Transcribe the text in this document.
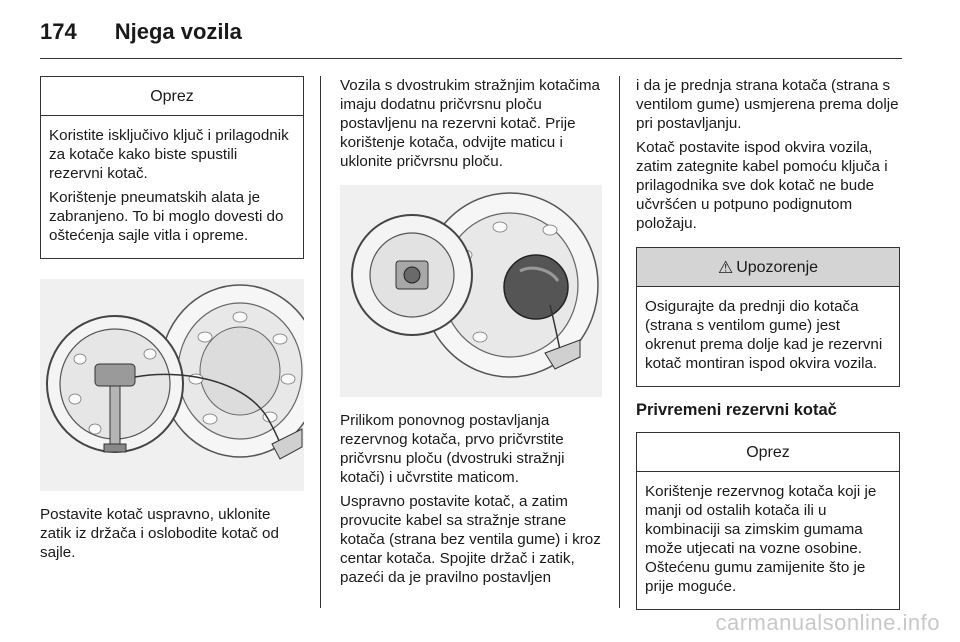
174 Njega vozila
Oprez

Koristite isključivo ključ i prilagodnik za kotače kako biste spustili rezervni kotač.

Korištenje pneumatskih alata je zabranjeno. To bi moglo dovesti do oštećenja sajle vitla i opreme.

Postavite kotač uspravno, uklonite zatik iz držača i oslobodite kotač od sajle.

Vozila s dvostrukim stražnjim kotačima imaju dodatnu pričvrsnu ploču postavljenu na rezervni kotač. Prije korištenje kotača, odvijte maticu i uklonite pričvrsnu ploču.

Prilikom ponovnog postavljanja rezervnog kotača, prvo pričvrstite pričvrsnu ploču (dvostruki stražnji kotači) i učvrstite maticom.

Uspravno postavite kotač, a zatim provucite kabel sa stražnje strane kotača (strana bez ventila gume) i kroz centar kotača. Spojite držač i zatik, pazeći da je pravilno postavljen

i da je prednja strana kotača (strana s ventilom gume) usmjerena prema dolje pri postavljanju.

Kotač postavite ispod okvira vozila, zatim zategnite kabel pomoću ključa i prilagodnika sve dok kotač ne bude učvršćen u potpuno podignutom položaju.

⚠ Upozorenje

Osigurajte da prednji dio kotača (strana s ventilom gume) jest okrenut prema dolje kad je rezervni kotač montiran ispod okvira vozila.

Privremeni rezervni kotač
Oprez

Korištenje rezervnog kotača koji je manji od ostalih kotača ili u kombinaciji sa zimskim gumama može utjecati na vozne osobine. Oštećenu gumu zamijenite što je prije moguće.

carmanualsonline.info
